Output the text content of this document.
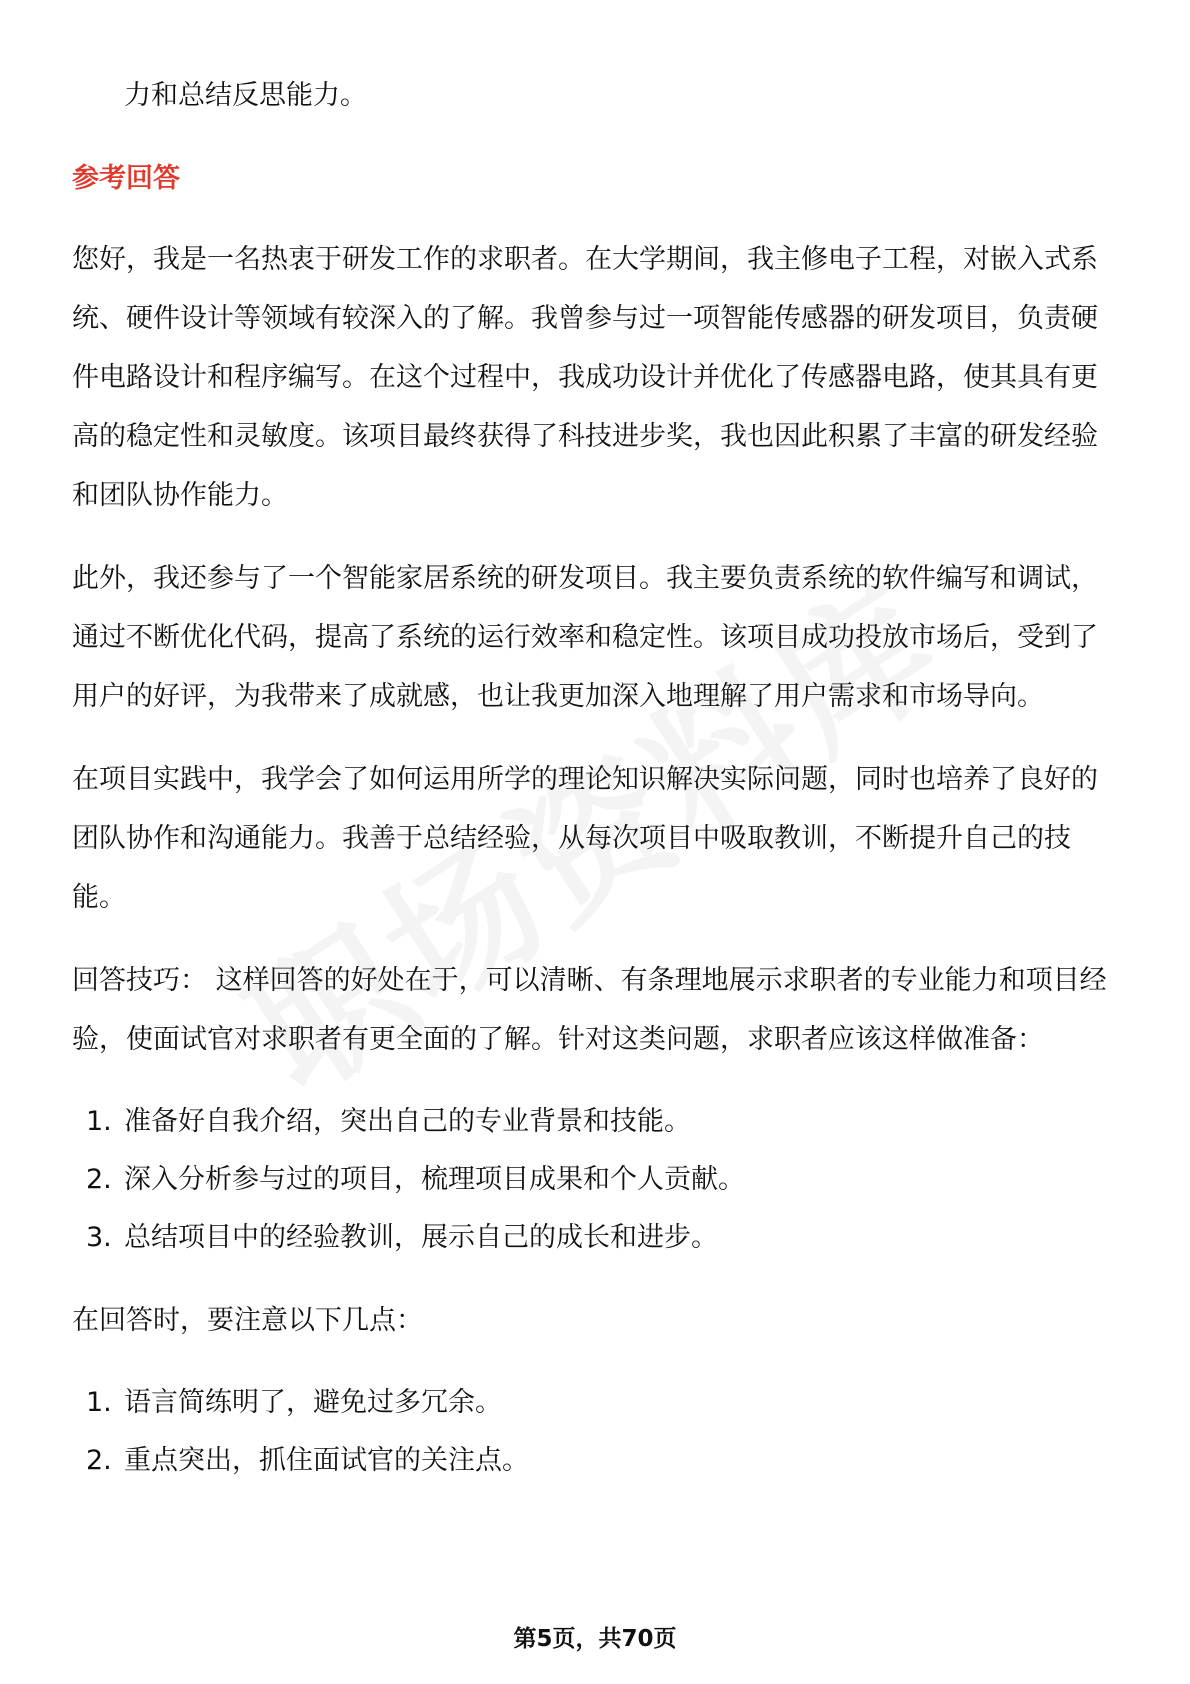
力和总结反思能力。

参考回答

您好，我是一名热衷于研发工作的求职者。在大学期间，我主修电子工程，对嵌入式系统、硬件设计等领域有较深入的了解。我曾参与过一项智能传感器的研发项目，负责硬件电路设计和程序编写。在这个过程中，我成功设计并优化了传感器电路，使其具有更高的稳定性和灵敏度。该项目最终获得了科技进步奖，我也因此积累了丰富的研发经验和团队协作能力。

此外，我还参与了一个智能家居系统的研发项目。我主要负责系统的软件编写和调试，通过不断优化代码，提高了系统的运行效率和稳定性。该项目成功投放市场后，受到了用户的好评，为我带来了成就感，也让我更加深入地理解了用户需求和市场导向。

在项目实践中，我学会了如何运用所学的理论知识解决实际问题，同时也培养了良好的团队协作和沟通能力。我善于总结经验，从每次项目中吸取教训，不断提升自己的技能。

回答技巧： 这样回答的好处在于，可以清晰、有条理地展示求职者的专业能力和项目经验，使面试官对求职者有更全面的了解。针对这类问题，求职者应该这样做准备：

1. 准备好自我介绍，突出自己的专业背景和技能。
2. 深入分析参与过的项目，梳理项目成果和个人贡献。
3. 总结项目中的经验教训，展示自己的成长和进步。

在回答时，要注意以下几点：

1. 语言简练明了，避免过多冗余。
2. 重点突出，抓住面试官的关注点。
第5页，共70页
